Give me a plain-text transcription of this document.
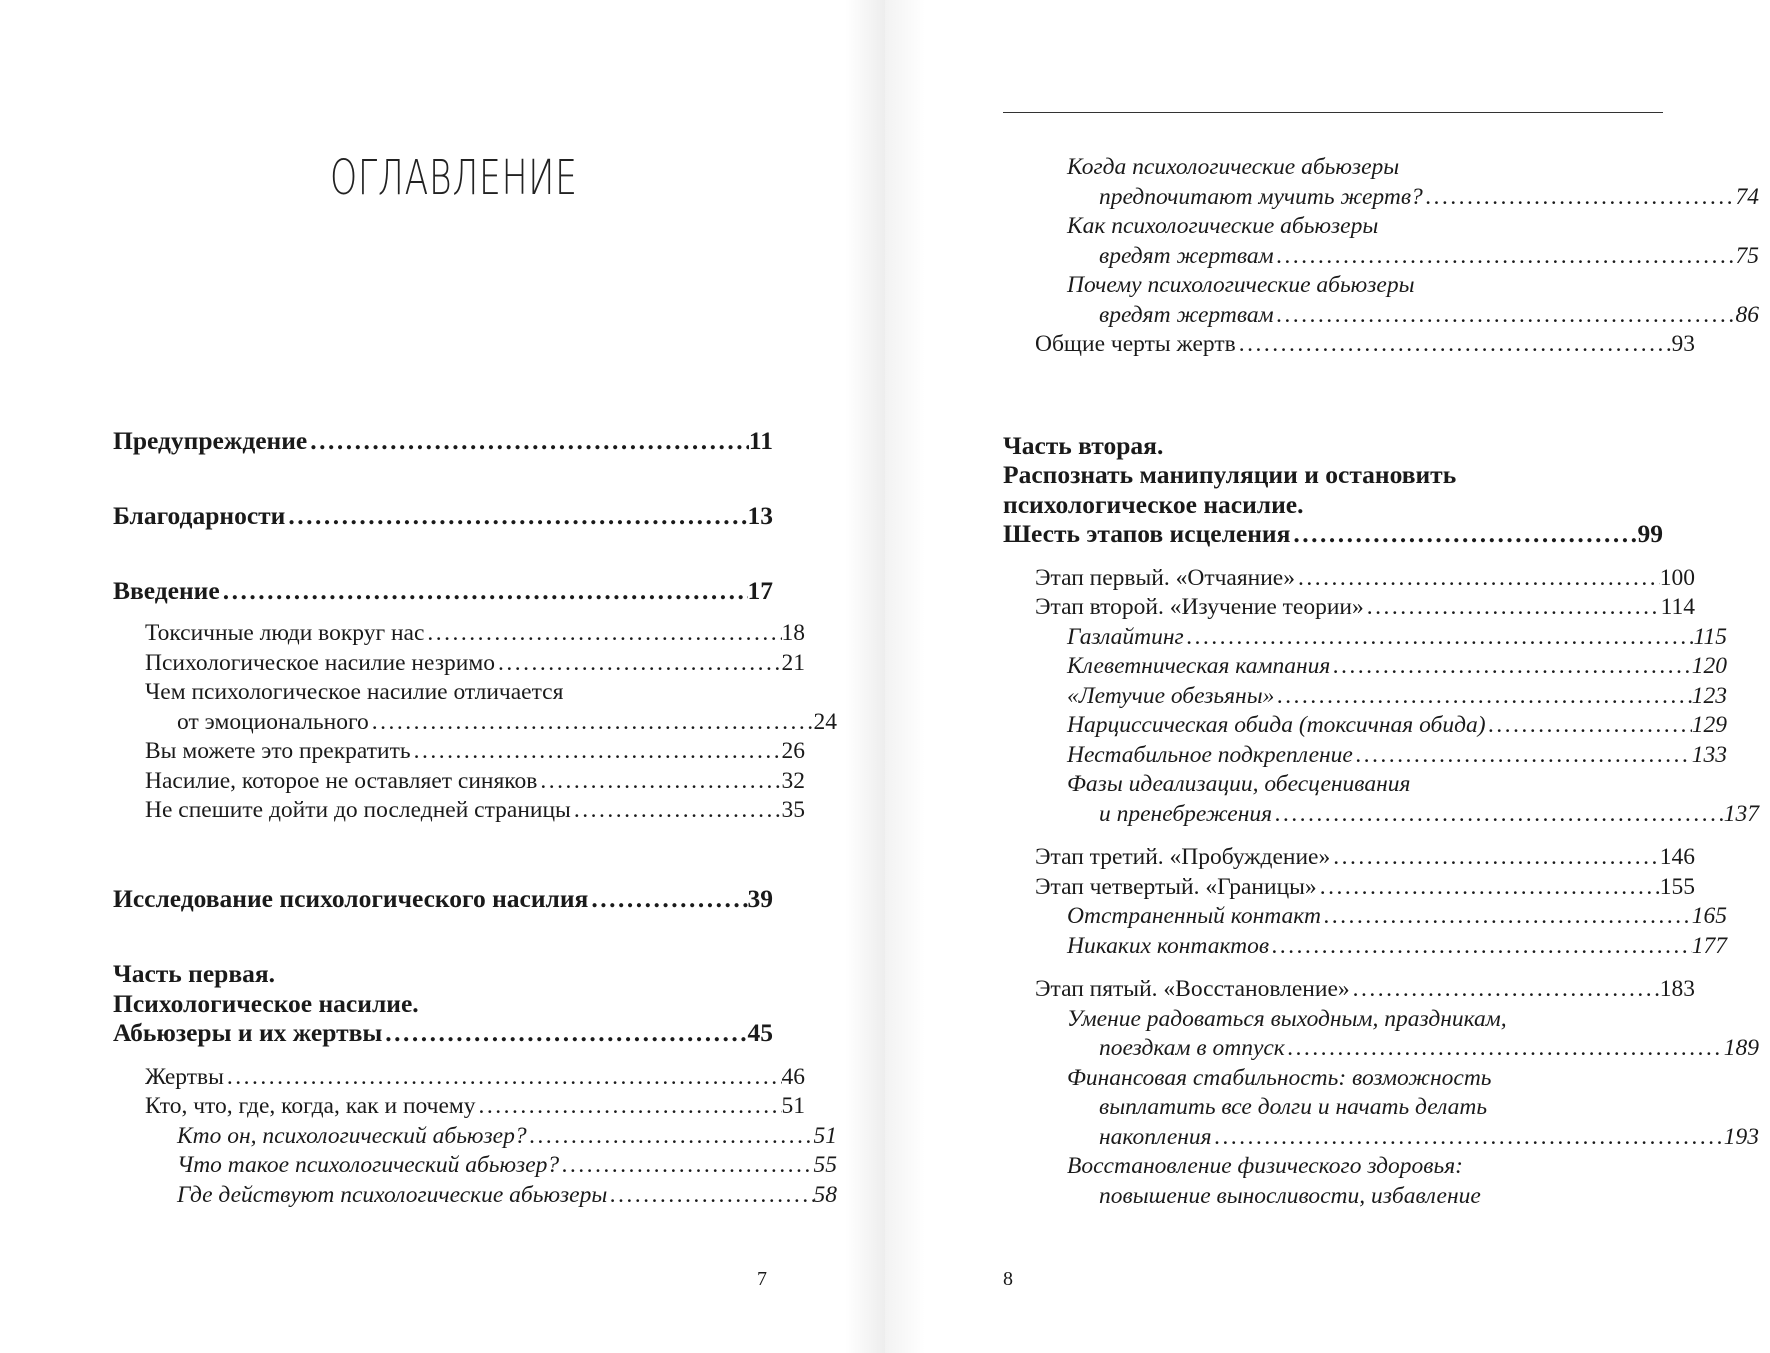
ОГЛАВЛЕНИЕ
Предупреждение .....	11
Благодарности .....	13
Введение .....	17
Токсичные люди вокруг нас .....	18
Психологическое насилие незримо .....	21
Чем психологическое насилие отличается
от эмоционального .....	24
Вы можете это прекратить .....	26
Насилие, которое не оставляет синяков .....	32
Не спешите дойти до последней страницы .....	35
Исследование психологического насилия .....	39
Часть первая.
Психологическое насилие.
Абьюзеры и их жертвы .....	45
Жертвы .....	46
Кто, что, где, когда, как и почему .....	51
Кто он, психологический абьюзер? .....	51
Что такое психологический абьюзер? .....	55
Где действуют психологические абьюзеры .....	58
7
Когда психологические абьюзеры
предпочитают мучить жертв? .....	74
Как психологические абьюзеры
вредят жертвам .....	75
Почему психологические абьюзеры
вредят жертвам .....	86
Общие черты жертв .....	93
Часть вторая.
Распознать манипуляции и остановить
психологическое насилие.
Шесть этапов исцеления .....	99
Этап первый. «Отчаяние» .....	100
Этап второй. «Изучение теории» .....	114
Газлайтинг .....	115
Клеветническая кампания .....	120
«Летучие обезьяны» .....	123
Нарциссическая обида (токсичная обида) .....	129
Нестабильное подкрепление .....	133
Фазы идеализации, обесценивания
и пренебрежения .....	137
Этап третий. «Пробуждение» .....	146
Этап четвертый. «Границы» .....	155
Отстраненный контакт .....	165
Никаких контактов .....	177
Этап пятый. «Восстановление» .....	183
Умение радоваться выходным, праздникам,
поездкам в отпуск .....	189
Финансовая стабильность: возможность
выплатить все долги и начать делать
накопления .....	193
Восстановление физического здоровья:
повышение выносливости, избавление
8
